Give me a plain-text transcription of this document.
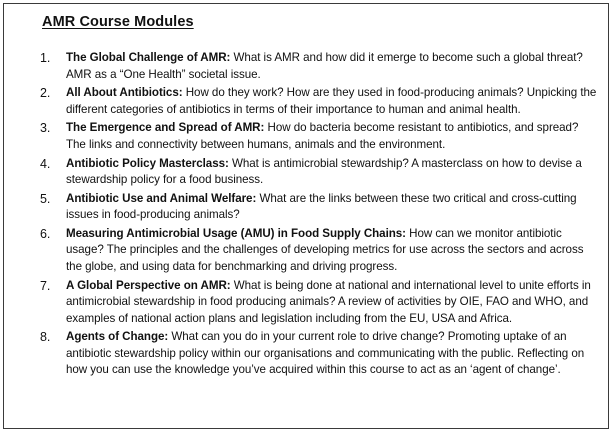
AMR Course Modules
1. The Global Challenge of AMR: What is AMR and how did it emerge to become such a global threat? AMR as a “One Health” societal issue.
2. All About Antibiotics: How do they work? How are they used in food-producing animals? Unpicking the different categories of antibiotics in terms of their importance to human and animal health.
3. The Emergence and Spread of AMR: How do bacteria become resistant to antibiotics, and spread? The links and connectivity between humans, animals and the environment.
4. Antibiotic Policy Masterclass: What is antimicrobial stewardship? A masterclass on how to devise a stewardship policy for a food business.
5. Antibiotic Use and Animal Welfare: What are the links between these two critical and cross-cutting issues in food-producing animals?
6. Measuring Antimicrobial Usage (AMU) in Food Supply Chains: How can we monitor antibiotic usage? The principles and the challenges of developing metrics for use across the sectors and across the globe, and using data for benchmarking and driving progress.
7. A Global Perspective on AMR: What is being done at national and international level to unite efforts in antimicrobial stewardship in food producing animals? A review of activities by OIE, FAO and WHO, and examples of national action plans and legislation including from the EU, USA and Africa.
8. Agents of Change: What can you do in your current role to drive change? Promoting uptake of an antibiotic stewardship policy within our organisations and communicating with the public. Reflecting on how you can use the knowledge you’ve acquired within this course to act as an ‘agent of change’.
